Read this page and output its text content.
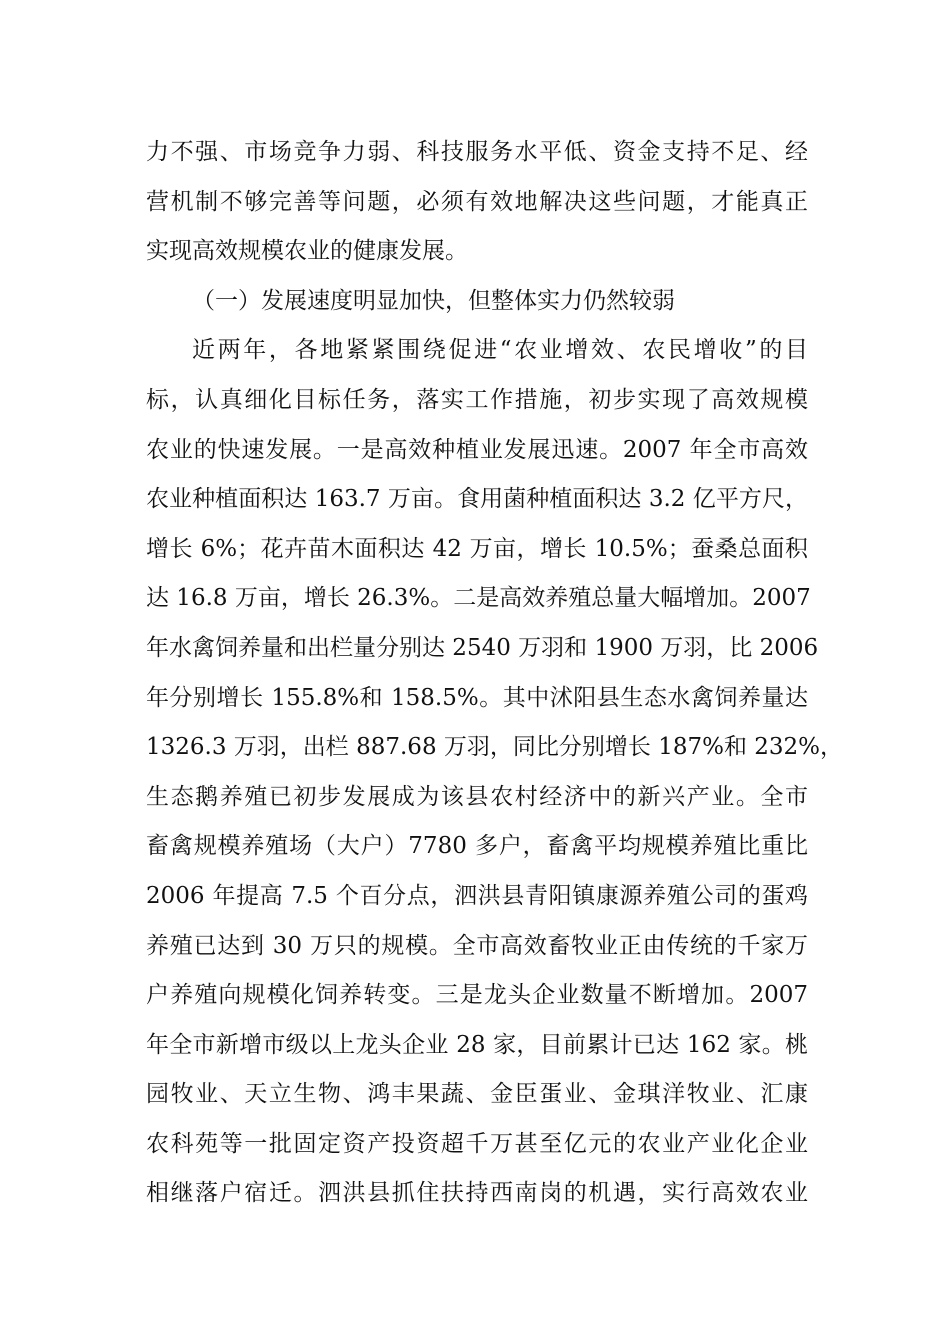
力不强、市场竞争力弱、科技服务水平低、资金支持不足、经
营机制不够完善等问题，必须有效地解决这些问题，才能真正
实现高效规模农业的健康发展。
（一）发展速度明显加快，但整体实力仍然较弱
近两年，各地紧紧围绕促进“农业增效、农民增收”的目
标，认真细化目标任务，落实工作措施，初步实现了高效规模
农业的快速发展。一是高效种植业发展迅速。2007 年全市高效
农业种植面积达 163.7 万亩。食用菌种植面积达 3.2 亿平方尺，
增长 6%；花卉苗木面积达 42 万亩，增长 10.5%；蚕桑总面积
达 16.8 万亩，增长 26.3%。二是高效养殖总量大幅增加。2007
年水禽饲养量和出栏量分别达 2540 万羽和 1900 万羽，比 2006
年分别增长 155.8%和 158.5%。其中沭阳县生态水禽饲养量达
1326.3 万羽，出栏 887.68 万羽，同比分别增长 187%和 232%，
生态鹅养殖已初步发展成为该县农村经济中的新兴产业。全市
畜禽规模养殖场（大户）7780 多户，畜禽平均规模养殖比重比
2006 年提高 7.5 个百分点，泗洪县青阳镇康源养殖公司的蛋鸡
养殖已达到 30 万只的规模。全市高效畜牧业正由传统的千家万
户养殖向规模化饲养转变。三是龙头企业数量不断增加。2007
年全市新增市级以上龙头企业 28 家，目前累计已达 162 家。桃
园牧业、天立生物、鸿丰果蔬、金臣蛋业、金琪洋牧业、汇康
农科苑等一批固定资产投资超千万甚至亿元的农业产业化企业
相继落户宿迁。泗洪县抓住扶持西南岗的机遇，实行高效农业
